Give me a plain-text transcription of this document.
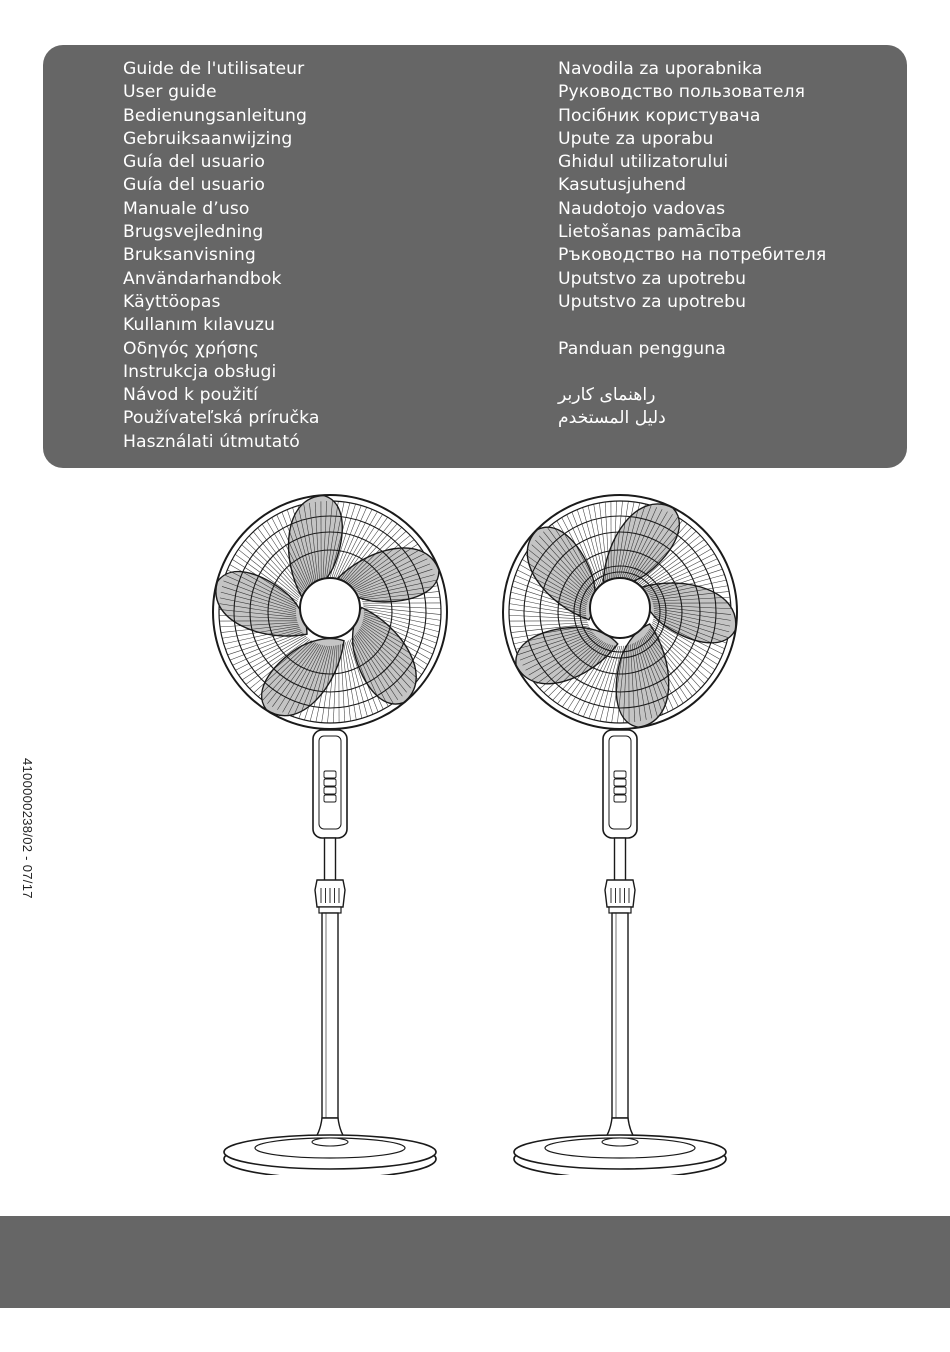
Guide de l'utilisateur
User guide
Bedienungsanleitung
Gebruiksaanwijzing
Guía del usuario
Guía del usuario
Manuale d’uso
Brugsvejledning
Bruksanvisning
Användarhandbok
Käyttöopas
Kullanım kılavuzu
Οδηγός χρήσης
Instrukcja obsługi
Návod k použití
Používateľská príručka
Használati útmutató
Navodila za uporabnika
Руководство пользователя
Посібник користувача
Upute za uporabu
Ghidul utilizatorului
Kasutusjuhend
Naudotojo vadovas
Lietošanas pamācība
Ръководство на потребителя
Uputstvo za upotrebu
Uputstvo za upotrebu
Panduan pengguna
راهنمای کاربر
دليل المستخدم
4100000238/02 - 07/17
